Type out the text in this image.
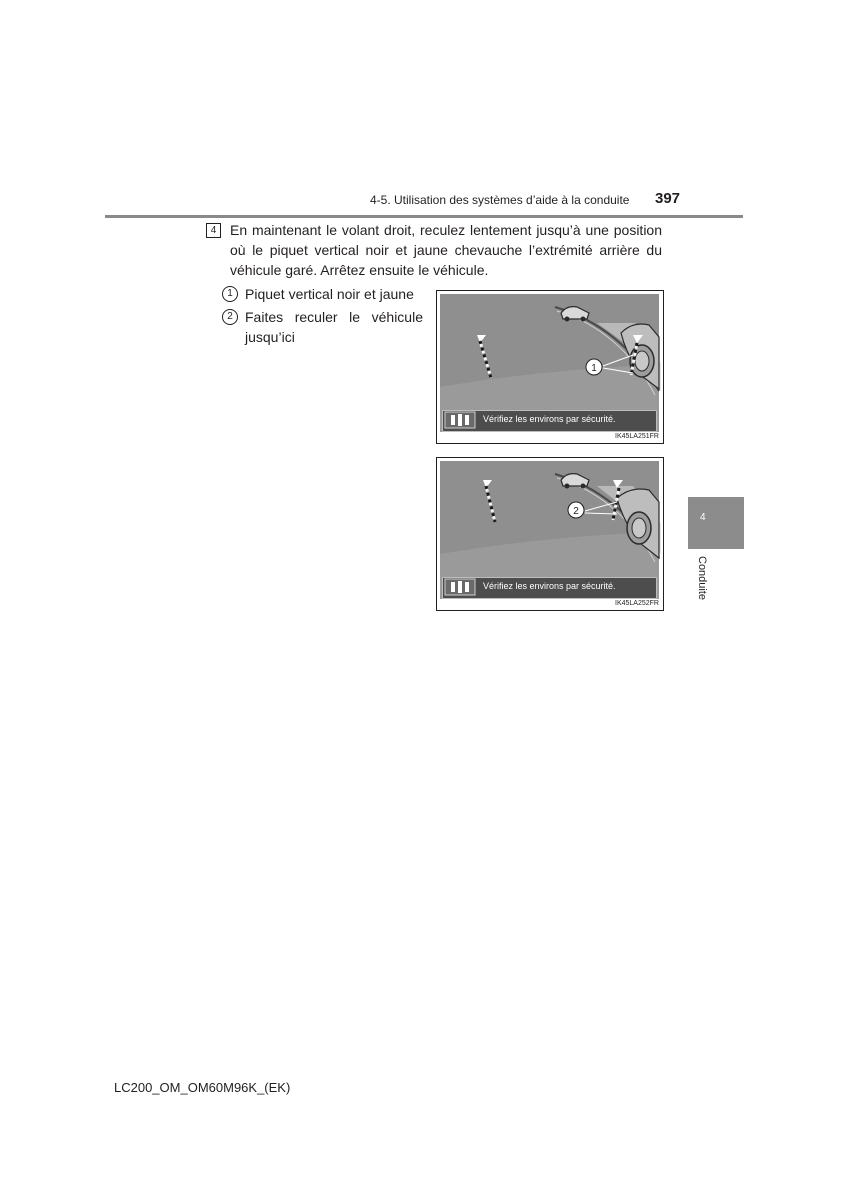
4-5. Utilisation des systèmes d’aide à la conduite 397
4 En maintenant le volant droit, reculez lentement jusqu’à une position où le piquet vertical noir et jaune chevauche l’extrémité arrière du véhicule garé. Arrêtez ensuite le véhicule.
1 Piquet vertical noir et jaune
2 Faites reculer le véhicule jusqu’ici
1
Vérifiez les environs par sécurité.
IK45LA251FR
2
Vérifiez les environs par sécurité.
IK45LA252FR
4
Conduite
LC200_OM_OM60M96K_(EK)
